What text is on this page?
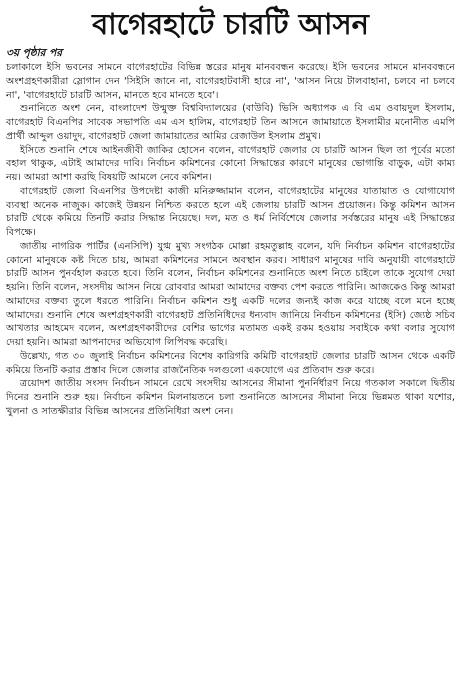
বাগেরহাটে চারটি আসন
৩য় পৃষ্ঠার পর

চলাকালে ইসি ভবনের সামনে বাগেরহাটের বিভিন্ন স্তরের মানুষ মানববন্ধন করেছে। ইসি ভবনের সামনে মানববন্ধনে অংশগ্রহণকারীরা স্লোগান দেন 'সিইসি জানে না, বাগেরহাটবাসী হারে না', 'আসন নিয়ে টালবাহানা, চলবে না চলবে না', 'বাগেরহাটে চারটি আসন, মানতে হবে মানতে হবে'।

শুনানিতে অংশ নেন, বাংলাদেশ উন্মুক্ত বিশ্ববিদ্যালয়ের (বাউবি) ভিসি অধ্যাপক এ বি এম ওবায়দুল ইসলাম, বাগেরহাট বিএনপির সাবেক সভাপতি এম এস হালিম, বাগেরহাট তিন আসনে জামায়াতে ইসলামীর মনোনীত এমপি প্রার্থী আব্দুল ওয়াদুদ, বাগেরহাট জেলা জামায়াতের আমির রেজাউল ইসলাম প্রমুখ।

ইসিতে শুনানি শেষে আইনজীবী জাকির হোসেন বলেন, বাগেরহাট জেলার যে চারটি আসন ছিল তা পূর্বের মতো বহাল থাকুক, এটাই আমাদের দাবি। নির্বাচন কমিশনের কোনো সিদ্ধান্তের কারণে মানুষের ভোগান্তি বাড়ুক, এটা কাম্য নয়। আমরা আশা করছি বিষয়টি আমলে নেবে কমিশন।

বাগেরহাট জেলা বিএনপির উপদেষ্টা কাজী মনিরুজ্জামান বলেন, বাগেরহাটের মানুষের যাতায়াত ও যোগাযোগ ব্যবস্থা অনেক নাজুক। কাজেই উন্নয়ন নিশ্চিত করতে হলে এই জেলায় চারটি আসন প্রয়োজন। কিন্তু কমিশন আসন চারটি থেকে কমিয়ে তিনটি করার সিদ্ধান্ত নিয়েছে। দল, মত ও ধর্ম নির্বিশেষে জেলার সর্বস্তরের মানুষ এই সিদ্ধান্তের বিপক্ষে।

জাতীয় নাগরিক পার্টির (এনসিপি) যুগ্ম মুখ্য সংগঠক মোল্লা রহমতুল্লাহ বলেন, যদি নির্বাচন কমিশন বাগেরহাটের কোনো মানুষকে কষ্ট দিতে চায়, আমরা কমিশনের সামনে অবস্থান করব। সাধারণ মানুষের দাবি অনুযায়ী বাগেরহাটে চারটি আসন পুনর্বহাল করতে হবে। তিনি বলেন, নির্বাচন কমিশনের শুনানিতে অংশ নিতে চাইলে তাকে সুযোগ দেয়া হয়নি। তিনি বলেন, সংসদীয় আসন নিয়ে রোববার আমরা আমাদের বক্তব্য পেশ করতে পারিনি। আজকেও কিন্তু আমরা আমাদের বক্তব্য তুলে ধরতে পারিনি। নির্বাচন কমিশন শুধু একটি দলের জন্যই কাজ করে যাচ্ছে বলে মনে হচ্ছে আমাদের। শুনানি শেষে অংশগ্রহণকারী বাগেরহাট প্রতিনিধিদের ধন্যবাদ জানিয়ে নির্বাচন কমিশনের (ইসি) জ্যেষ্ঠ সচিব আখতার আহমেদ বলেন, অংশগ্রহণকারীদের বেশির ভাগের মতামত একই রকম হওয়ায় সবাইকে কথা বলার সুযোগ দেয়া হয়নি। আমরা আপনাদের অভিযোগ লিপিবদ্ধ করেছি।

উল্লেখ্য, গত ৩০ জুলাই নির্বাচন কমিশনের বিশেষ কারিগরি কমিটি বাগেরহাট জেলার চারটি আসন থেকে একটি কমিয়ে তিনটি করার প্রস্তাব দিলে জেলার রাজনৈতিক দলগুলো একযোগে এর প্রতিবাদ শুরু করে।

ত্রয়োদশ জাতীয় সংসদ নির্বাচন সামনে রেখে সংসদীয় আসনের সীমানা পুনর্নির্ধারণ নিয়ে গতকাল সকালে দ্বিতীয় দিনের শুনানি শুরু হয়। নির্বাচন কমিশন মিলনায়তনে চলা শুনানিতে আসনের সীমানা নিয়ে ভিন্নমত থাকা যশোর, খুলনা ও সাতক্ষীরার বিভিন্ন আসনের প্রতিনিধিরা অংশ নেন।
